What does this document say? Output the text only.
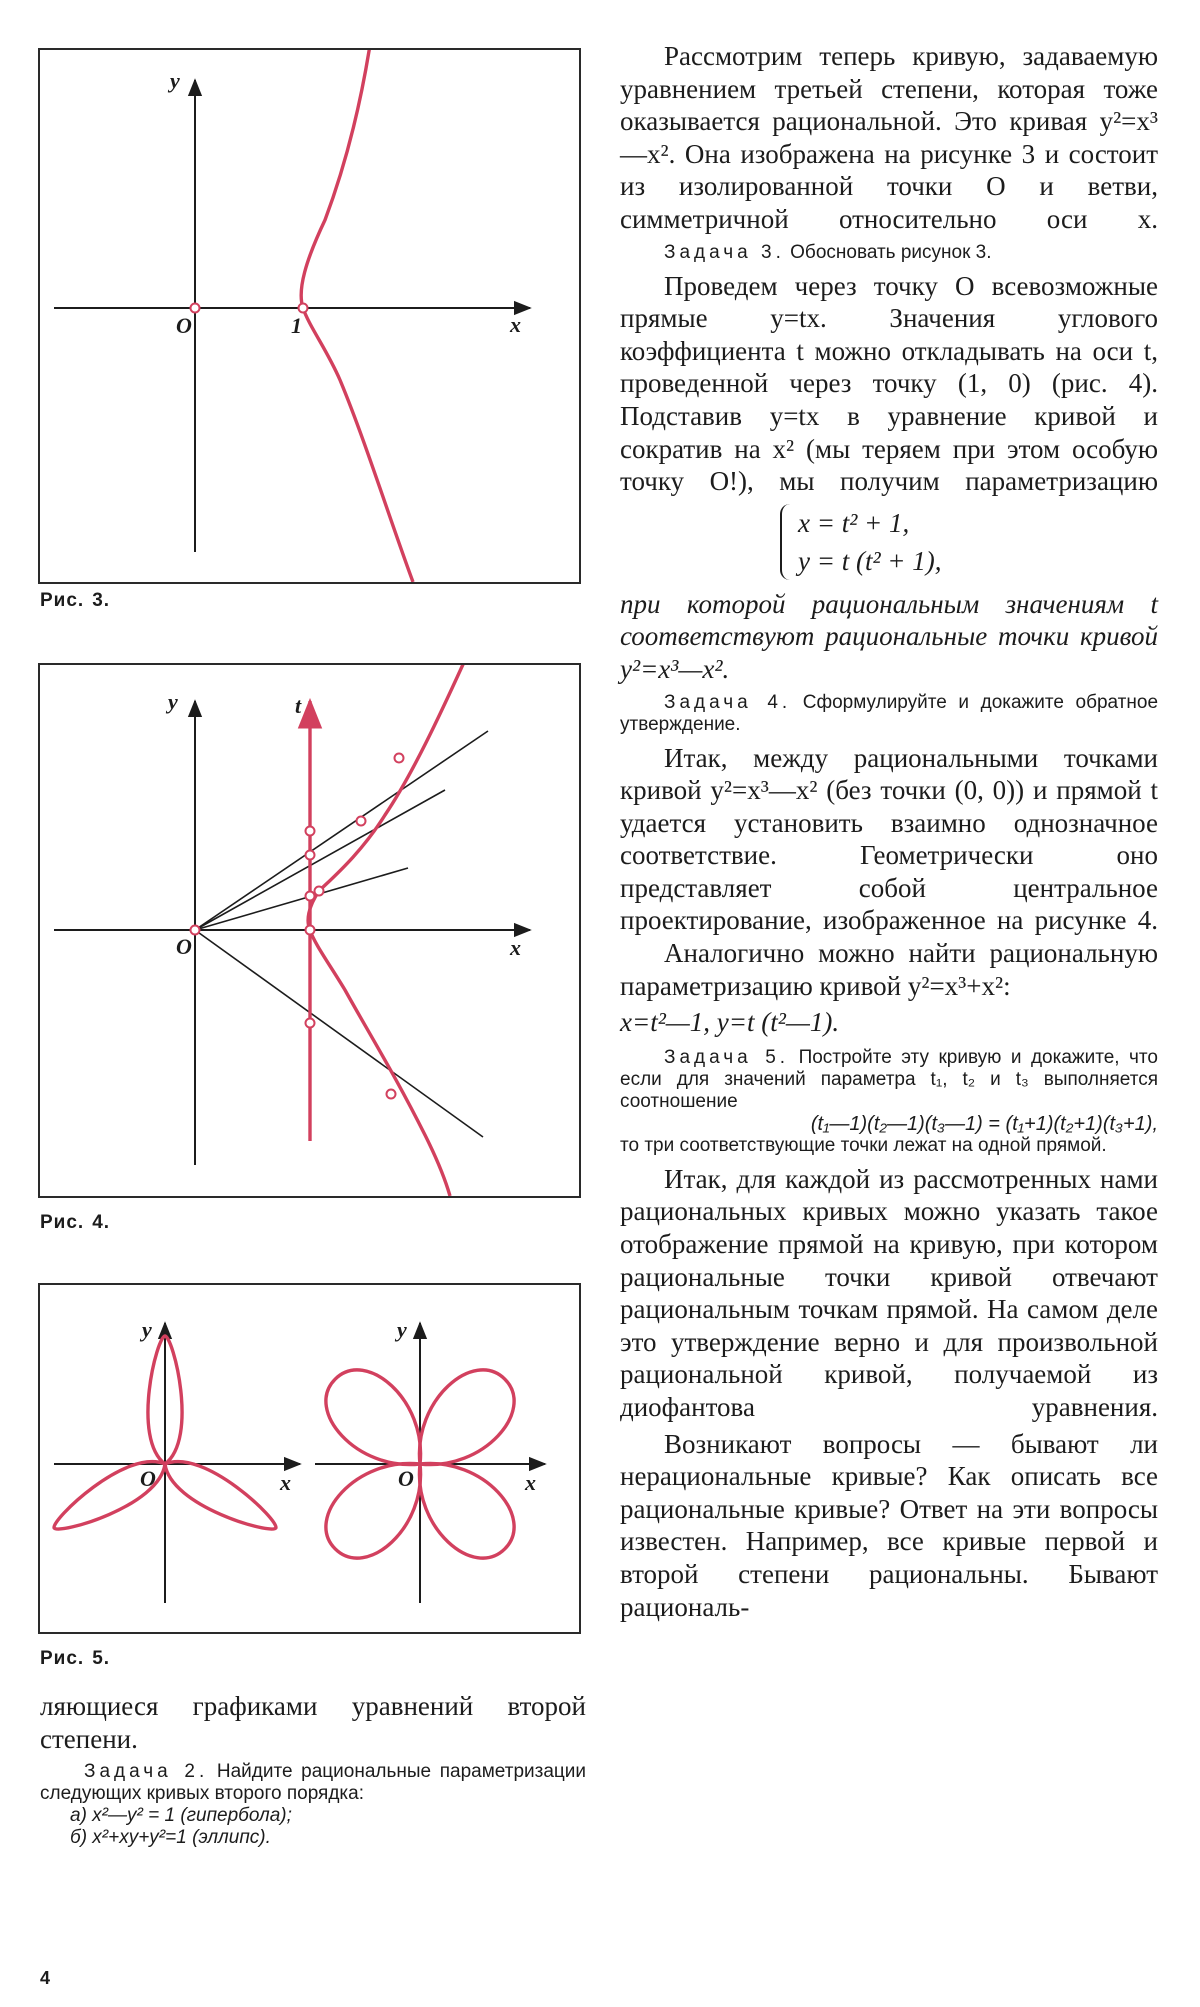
y
x
O	1
Рис. 3.
y	t
x
O
Рис. 4.
y
x
O
y
x
O
Рис. 5.

ляющиеся графиками уравнений второй степени.

Задача 2. Найдите рациональные параметризации следующих кривых второго порядка:

а) x²—y² = 1 (гипербола);

б) x²+xy+y²=1 (эллипс).

4

Рассмотрим теперь кривую, задаваемую уравнением третьей степени, которая тоже оказывается рациональной. Это кривая y²=x³—x². Она изображена на рисунке 3 и состоит из изолированной точки O и ветви, симметричной относительно оси x.

Задача 3. Обосновать рисунок 3.

Проведем через точку O всевозможные прямые y=tx. Значения углового коэффициента t можно откладывать на оси t, проведенной через точку (1, 0) (рис. 4). Подставив y=tx в уравнение кривой и сократив на x² (мы теряем при этом особую точку O!), мы получим параметризацию

x = t² + 1,
y = t (t² + 1),

при которой рациональным значениям t соответствуют рациональные точки кривой y²=x³—x².

Задача 4. Сформулируйте и докажите обратное утверждение.

Итак, между рациональными точками кривой y²=x³—x² (без точки (0, 0)) и прямой t удается установить взаимно однозначное соответствие. Геометрически оно представляет собой центральное проектирование, изображенное на рисунке 4.

Аналогично можно найти рациональную параметризацию кривой y²=x³+x²:

x=t²—1, y=t (t²—1).

Задача 5. Постройте эту кривую и докажите, что если для значений параметра t₁, t₂ и t₃ выполняется соотношение

(t₁—1)(t₂—1)(t₃—1) = (t₁+1)(t₂+1)(t₃+1),

то три соответствующие точки лежат на одной прямой.

Итак, для каждой из рассмотренных нами рациональных кривых можно указать такое отображение прямой на кривую, при котором рациональные точки кривой отвечают рациональным точкам прямой. На самом деле это утверждение верно и для произвольной рациональной кривой, получаемой из диофантова уравнения.

Возникают вопросы — бывают ли нерациональные кривые? Как описать все рациональные кривые? Ответ на эти вопросы известен. Например, все кривые первой и второй степени рациональны. Бывают рациональ-
